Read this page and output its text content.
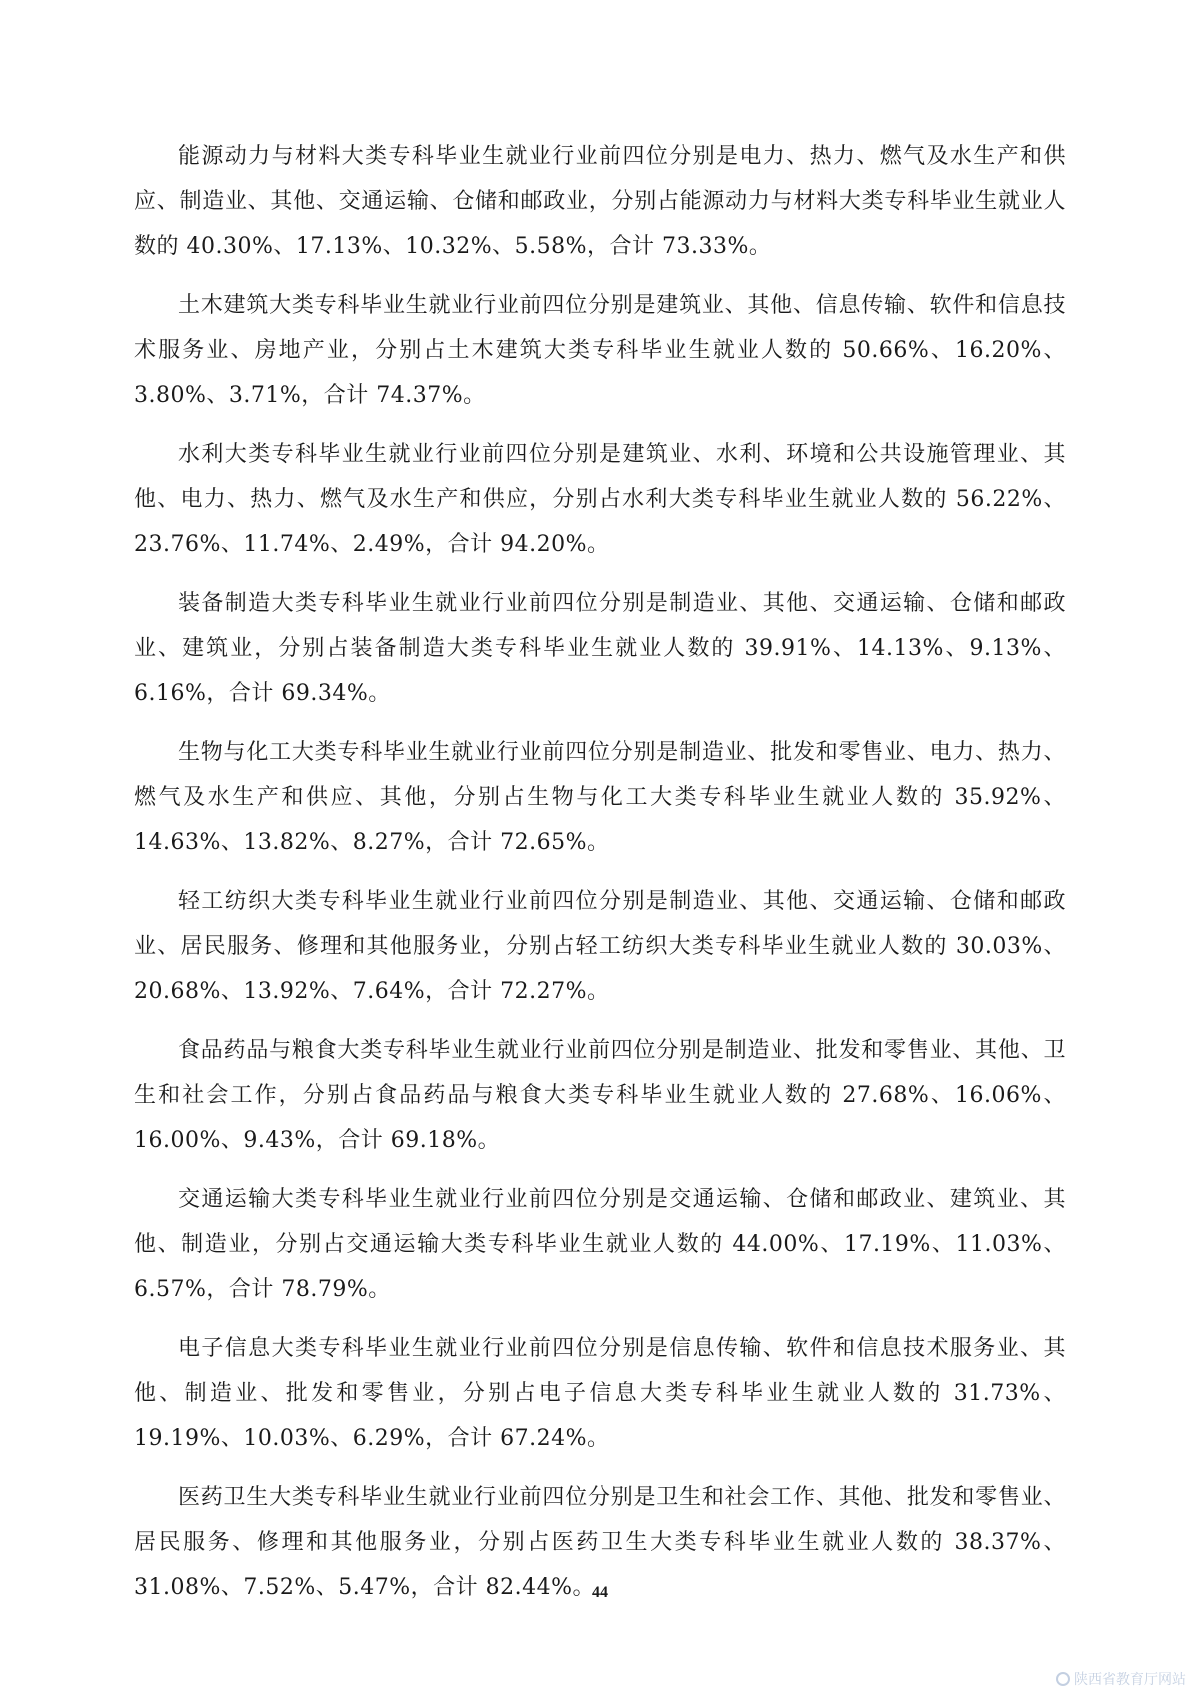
能源动力与材料大类专科毕业生就业行业前四位分别是电力、热力、燃气及水生产和供应、制造业、其他、交通运输、仓储和邮政业，分别占能源动力与材料大类专科毕业生就业人数的 40.30%、17.13%、10.32%、5.58%，合计 73.33%。

土木建筑大类专科毕业生就业行业前四位分别是建筑业、其他、信息传输、软件和信息技术服务业、房地产业，分别占土木建筑大类专科毕业生就业人数的 50.66%、16.20%、3.80%、3.71%，合计 74.37%。

水利大类专科毕业生就业行业前四位分别是建筑业、水利、环境和公共设施管理业、其他、电力、热力、燃气及水生产和供应，分别占水利大类专科毕业生就业人数的 56.22%、23.76%、11.74%、2.49%，合计 94.20%。

装备制造大类专科毕业生就业行业前四位分别是制造业、其他、交通运输、仓储和邮政业、建筑业，分别占装备制造大类专科毕业生就业人数的 39.91%、14.13%、9.13%、6.16%，合计 69.34%。

生物与化工大类专科毕业生就业行业前四位分别是制造业、批发和零售业、电力、热力、燃气及水生产和供应、其他，分别占生物与化工大类专科毕业生就业人数的 35.92%、14.63%、13.82%、8.27%，合计 72.65%。

轻工纺织大类专科毕业生就业行业前四位分别是制造业、其他、交通运输、仓储和邮政业、居民服务、修理和其他服务业，分别占轻工纺织大类专科毕业生就业人数的 30.03%、20.68%、13.92%、7.64%，合计 72.27%。

食品药品与粮食大类专科毕业生就业行业前四位分别是制造业、批发和零售业、其他、卫生和社会工作，分别占食品药品与粮食大类专科毕业生就业人数的 27.68%、16.06%、16.00%、9.43%，合计 69.18%。

交通运输大类专科毕业生就业行业前四位分别是交通运输、仓储和邮政业、建筑业、其他、制造业，分别占交通运输大类专科毕业生就业人数的 44.00%、17.19%、11.03%、6.57%，合计 78.79%。

电子信息大类专科毕业生就业行业前四位分别是信息传输、软件和信息技术服务业、其他、制造业、批发和零售业，分别占电子信息大类专科毕业生就业人数的 31.73%、19.19%、10.03%、6.29%，合计 67.24%。

医药卫生大类专科毕业生就业行业前四位分别是卫生和社会工作、其他、批发和零售业、居民服务、修理和其他服务业，分别占医药卫生大类专科毕业生就业人数的 38.37%、31.08%、7.52%、5.47%，合计 82.44%。

44
陕西省教育厅网站
